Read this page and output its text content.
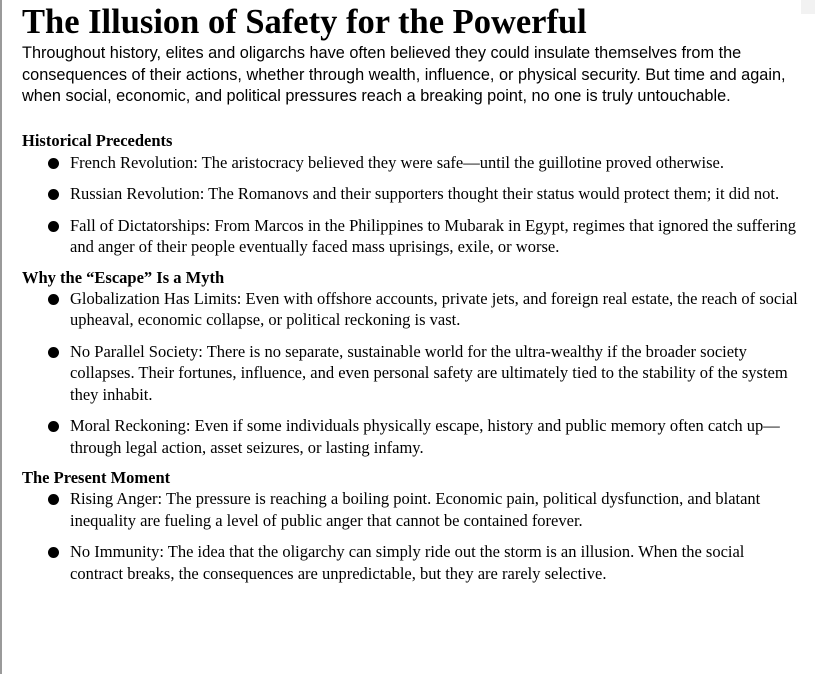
The Illusion of Safety for the Powerful

Throughout history, elites and oligarchs have often believed they could insulate themselves from the consequences of their actions, whether through wealth, influence, or physical security. But time and again, when social, economic, and political pressures reach a breaking point, no one is truly untouchable.

Historical Precedents
French Revolution: The aristocracy believed they were safe—until the guillotine proved otherwise.
Russian Revolution: The Romanovs and their supporters thought their status would protect them; it did not.
Fall of Dictatorships: From Marcos in the Philippines to Mubarak in Egypt, regimes that ignored the suffering and anger of their people eventually faced mass uprisings, exile, or worse.
Why the “Escape” Is a Myth
Globalization Has Limits: Even with offshore accounts, private jets, and foreign real estate, the reach of social upheaval, economic collapse, or political reckoning is vast.
No Parallel Society: There is no separate, sustainable world for the ultra-wealthy if the broader society collapses. Their fortunes, influence, and even personal safety are ultimately tied to the stability of the system they inhabit.
Moral Reckoning: Even if some individuals physically escape, history and public memory often catch up—through legal action, asset seizures, or lasting infamy.
The Present Moment
Rising Anger: The pressure is reaching a boiling point. Economic pain, political dysfunction, and blatant inequality are fueling a level of public anger that cannot be contained forever.
No Immunity: The idea that the oligarchy can simply ride out the storm is an illusion. When the social contract breaks, the consequences are unpredictable, but they are rarely selective.
